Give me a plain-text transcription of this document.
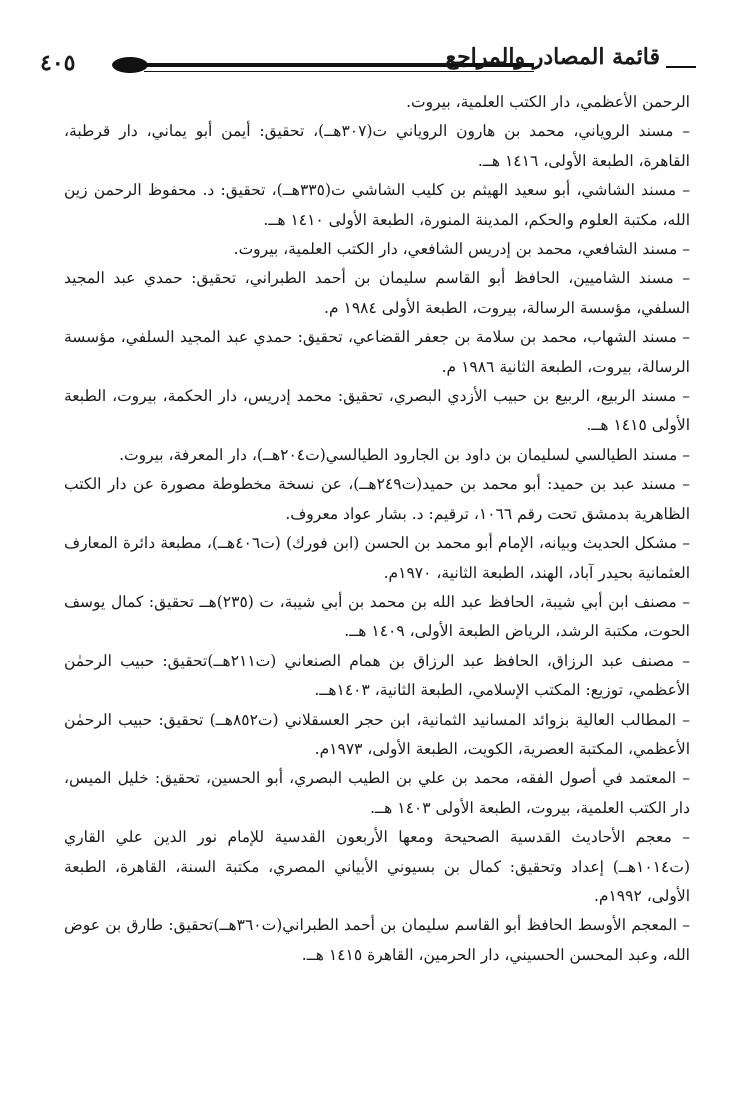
٤٠٥	قائمة المصادر والمراجع

الرحمن الأعظمي، دار الكتب العلمية، بيروت.

– مسند الروياني، محمد بن هارون الروياني ت(٣٠٧هــ)، تحقيق: أيمن أبو يماني، دار قرطبة، القاهرة، الطبعة الأولى، ١٤١٦ هــ.

– مسند الشاشي، أبو سعيد الهيثم بن كليب الشاشي ت(٣٣٥هــ)، تحقيق: د. محفوظ الرحمن زين الله، مكتبة العلوم والحكم، المدينة المنورة، الطبعة الأولى ١٤١٠ هــ.

– مسند الشافعي، محمد بن إدريس الشافعي، دار الكتب العلمية، بيروت.

– مسند الشاميين، الحافظ أبو القاسم سليمان بن أحمد الطبراني، تحقيق: حمدي عبد المجيد السلفي، مؤسسة الرسالة، بيروت، الطبعة الأولى ١٩٨٤ م.

– مسند الشهاب، محمد بن سلامة بن جعفر القضاعي، تحقيق: حمدي عبد المجيد السلفي، مؤسسة الرسالة، بيروت، الطبعة الثانية ١٩٨٦ م.

– مسند الربيع، الربيع بن حبيب الأزدي البصري، تحقيق: محمد إدريس، دار الحكمة، بيروت، الطبعة الأولى ١٤١٥ هــ.

– مسند الطيالسي لسليمان بن داود بن الجارود الطيالسي(ت٢٠٤هــ)، دار المعرفة، بيروت.

– مسند عبد بن حميد: أبو محمد بن حميد(ت٢٤٩هــ)، عن نسخة مخطوطة مصورة عن دار الكتب الظاهرية بدمشق تحت رقم ١٠٦٦، ترقيم: د. بشار عواد معروف.

– مشكل الحديث وبيانه، الإمام أبو محمد بن الحسن (ابن فورك) (ت٤٠٦هــ)، مطبعة دائرة المعارف العثمانية بحيدر آباد، الهند، الطبعة الثانية، ١٩٧٠م.

– مصنف ابن أبي شيبة، الحافظ عبد الله بن محمد بن أبي شيبة، ت (٢٣٥)هــ تحقيق: كمال يوسف الحوت، مكتبة الرشد، الرياض الطبعة الأولى، ١٤٠٩ هــ.

– مصنف عبد الرزاق، الحافظ عبد الرزاق بن همام الصنعاني (ت٢١١هــ)تحقيق: حبيب الرحمٰن الأعظمي، توزيع: المكتب الإسلامي، الطبعة الثانية، ١٤٠٣هــ.

– المطالب العالية بزوائد المسانيد الثمانية، ابن حجر العسقلاني (ت٨٥٢هــ) تحقيق: حبيب الرحمٰن الأعظمي، المكتبة العصرية، الكويت، الطبعة الأولى، ١٩٧٣م.

– المعتمد في أصول الفقه، محمد بن علي بن الطيب البصري، أبو الحسين، تحقيق: خليل الميس، دار الكتب العلمية، بيروت، الطبعة الأولى ١٤٠٣ هــ.

– معجم الأحاديث القدسية الصحيحة ومعها الأربعون القدسية للإمام نور الدين علي القاري (ت١٠١٤هــ) إعداد وتحقيق: كمال بن بسيوني الأبياني المصري، مكتبة السنة، القاهرة، الطبعة الأولى، ١٩٩٢م.

– المعجم الأوسط الحافظ أبو القاسم سليمان بن أحمد الطبراني(ت٣٦٠هــ)تحقيق: طارق بن عوض الله، وعبد المحسن الحسيني، دار الحرمين، القاهرة ١٤١٥ هــ.
